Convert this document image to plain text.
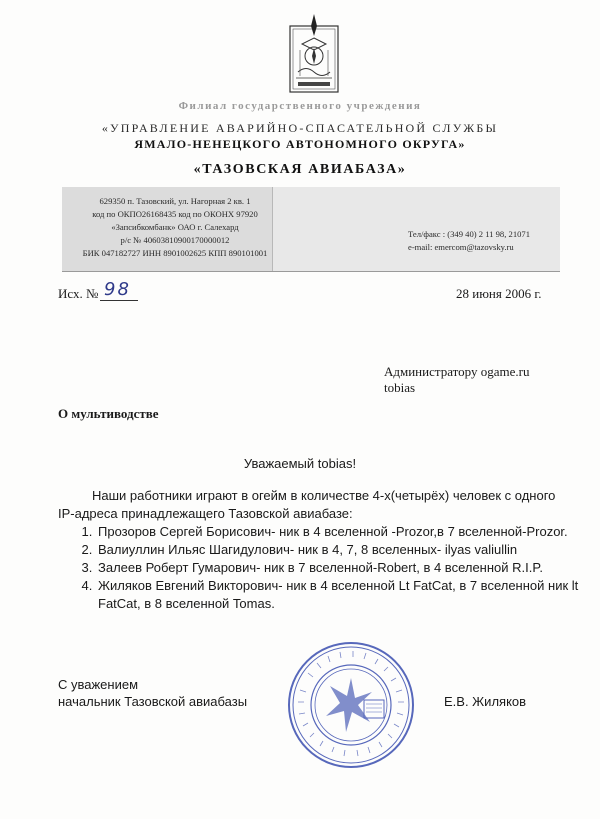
Филиал государственного учреждения
«УПРАВЛЕНИЕ АВАРИЙНО-СПАСАТЕЛЬНОЙ СЛУЖБЫ
ЯМАЛО-НЕНЕЦКОГО АВТОНОМНОГО ОКРУГА»
«ТАЗОВСКАЯ АВИАБАЗА»
629350 п. Тазовский, ул. Нагорная 2 кв. 1
код по ОКПО26168435 код по ОКОНХ 97920
«Запсибкомбанк» ОАО г. Салехард
р/с № 40603810900170000012
БИК 047182727 ИНН 8901002625 КПП 890101001
Тел/факс : (349 40) 2 11 98, 21071
e-mail: emercom@tazovsky.ru
Исх. № 98	28 июня 2006 г.
Администратору ogame.ru
tobias
О мультиводстве
Уважаемый tobias!
Наши работники играют в огейм в количестве 4-х(четырёх) человек с одного IP-адреса принадлежащего Тазовской авиабазе:
1. Прозоров Сергей Борисович- ник в 4 вселенной -Prozor,в 7 вселенной-Prozor.
2. Валиуллин Ильяс Шагидулович- ник в 4, 7, 8 вселенных- ilyas valiullin
3. Залеев Роберт Гумарович- ник в 7 вселенной-Robert, в 4 вселенной R.I.P.
4. Жиляков Евгений Викторович- ник в 4 вселенной Lt FatCat, в 7 вселенной ник lt FatCat, в 8 вселенной Tomas.
С уважением
начальник Тазовской авиабазы	Е.В. Жиляков
